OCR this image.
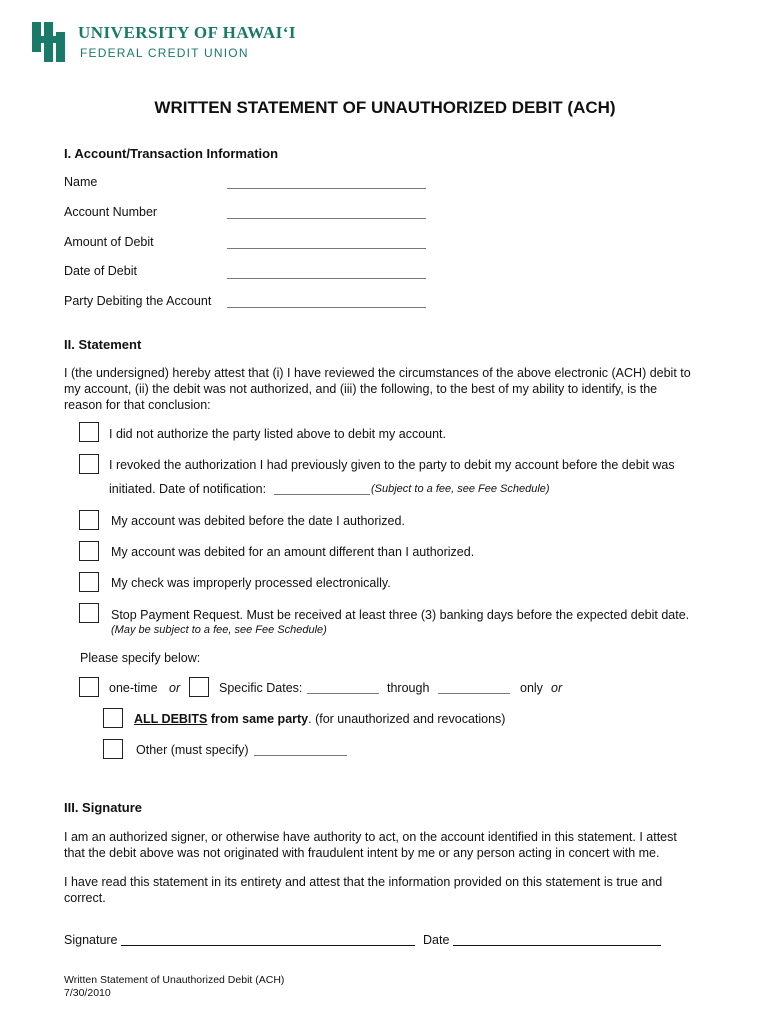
UNIVERSITY OF HAWAI‘I
FEDERAL CREDIT UNION
WRITTEN STATEMENT OF UNAUTHORIZED DEBIT (ACH)
I. Account/Transaction Information
Name
Account Number
Amount of Debit
Date of Debit
Party Debiting the Account
II. Statement
I (the undersigned) hereby attest that (i) I have reviewed the circumstances of the above electronic (ACH) debit to
my account, (ii) the debit was not authorized, and (iii) the following, to the best of my ability to identify, is the
reason for that conclusion:
I did not authorize the party listed above to debit my account.
I revoked the authorization I had previously given to the party to debit my account before the debit was
initiated. Date of notification:	(Subject to a fee, see Fee Schedule)
My account was debited before the date I authorized.
My account was debited for an amount different than I authorized.
My check was improperly processed electronically.
Stop Payment Request. Must be received at least three (3) banking days before the expected debit date.
(May be subject to a fee, see Fee Schedule)
Please specify below:
one-time or	Specific Dates:	through	only or
ALL DEBITS from same party. (for unauthorized and revocations)
Other (must specify)
III. Signature
I am an authorized signer, or otherwise have authority to act, on the account identified in this statement. I attest
that the debit above was not originated with fraudulent intent by me or any person acting in concert with me.
I have read this statement in its entirety and attest that the information provided on this statement is true and
correct.
Signature	Date
Written Statement of Unauthorized Debit (ACH)
7/30/2010
